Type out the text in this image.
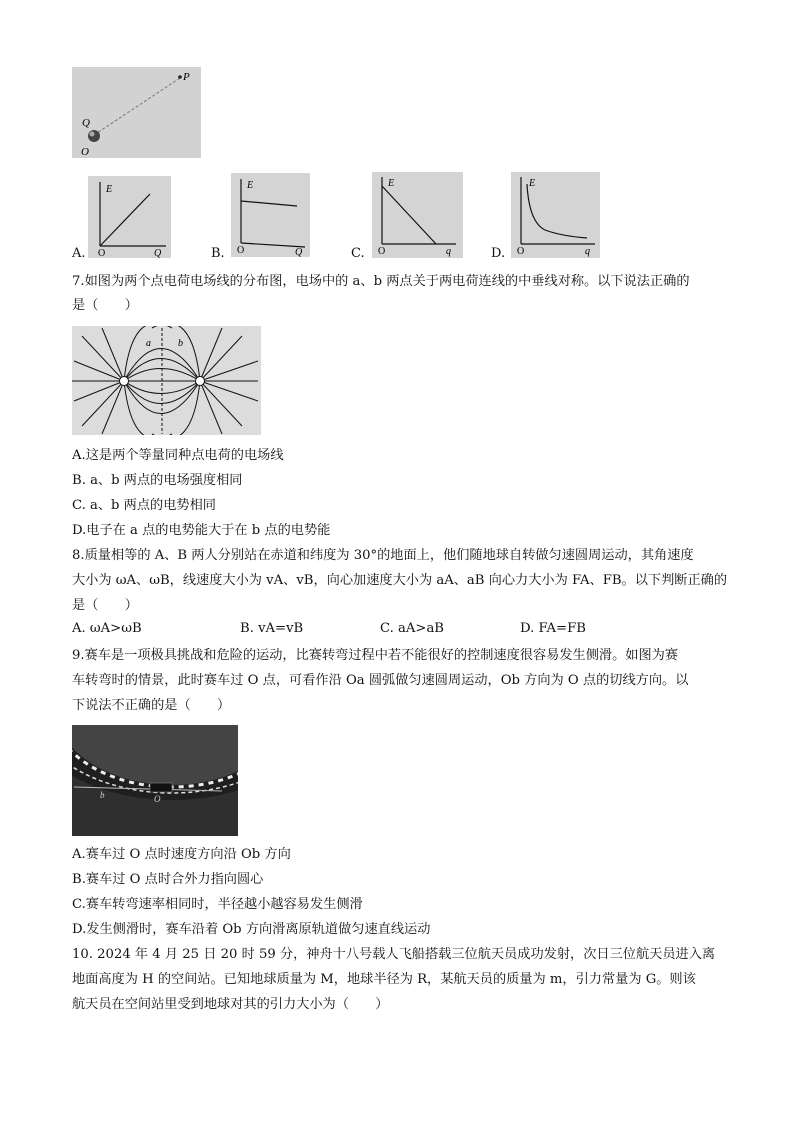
P
Q
O
A.
E
O	Q	B.
E
O	Q	C.
E
O	q	D.
E
O	q
7.如图为两个点电荷电场线的分布图，电场中的 a、b 两点关于两电荷连线的中垂线对称。以下说法正确的
是（　　）
a	b
A.这是两个等量同种点电荷的电场线
B. a、b 两点的电场强度相同
C. a、b 两点的电势相同
D.电子在 a 点的电势能大于在 b 点的电势能
8.质量相等的 A、B 两人分别站在赤道和纬度为 30°的地面上，他们随地球自转做匀速圆周运动，其角速度
大小为 ωA、ωB，线速度大小为 vA、vB，向心加速度大小为 aA、aB 向心力大小为 FA、FB。以下判断正确的
是（　　）
A. ωA>ωB	B. vA=vB	C. aA>aB	D. FA=FB
9.赛车是一项极具挑战和危险的运动，比赛转弯过程中若不能很好的控制速度很容易发生侧滑。如图为赛
车转弯时的情景，此时赛车过 O 点，可看作沿 Oa 圆弧做匀速圆周运动，Ob 方向为 O 点的切线方向。以
下说法不正确的是（　　）
b	O
A.赛车过 O 点时速度方向沿 Ob 方向
B.赛车过 O 点时合外力指向圆心
C.赛车转弯速率相同时，半径越小越容易发生侧滑
D.发生侧滑时，赛车沿着 Ob 方向滑离原轨道做匀速直线运动
10. 2024 年 4 月 25 日 20 时 59 分，神舟十八号载人飞船搭载三位航天员成功发射，次日三位航天员进入离
地面高度为 H 的空间站。已知地球质量为 M，地球半径为 R，某航天员的质量为 m，引力常量为 G。则该
航天员在空间站里受到地球对其的引力大小为（　　）
